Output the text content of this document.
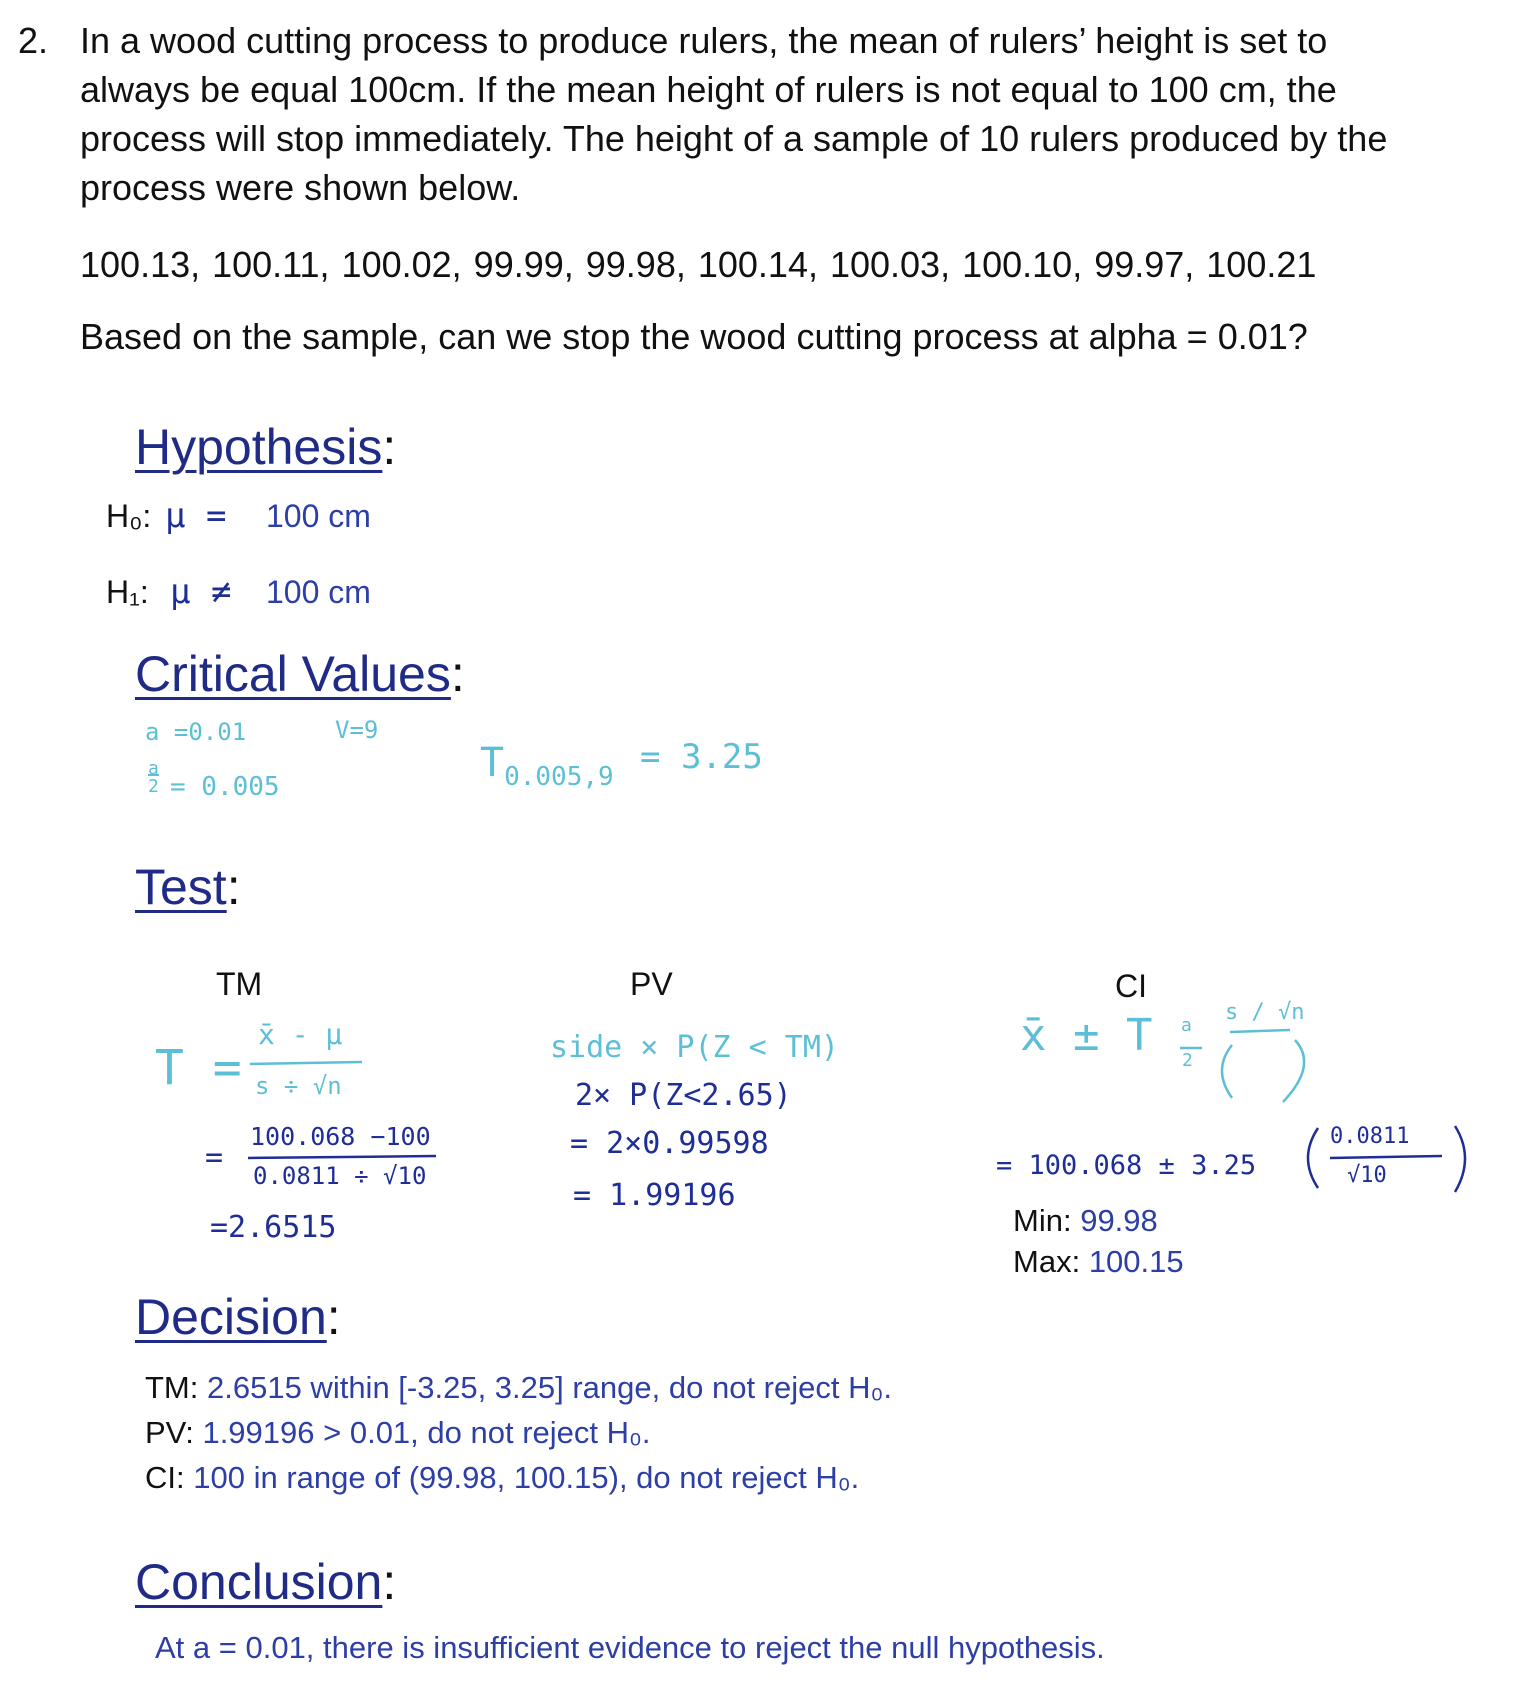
2. In a wood cutting process to produce rulers, the mean of rulers’ height is set to
always be equal 100cm. If the mean height of rulers is not equal to 100 cm, the
process will stop immediately. The height of a sample of 10 rulers produced by the
process were shown below.
100.13, 100.11, 100.02, 99.99, 99.98, 100.14, 100.03, 100.10, 99.97, 100.21
Based on the sample, can we stop the wood cutting process at alpha = 0.01?
Hypothesis:
H₀: μ = 100 cm
H₁: μ ≠ 100 cm
Critical Values:
a =0.01	V=9
a
2 = 0.005
$T_{0.005,9} = 3.25$
Test:
TM
T =
x̄ - μ
s ÷ √n
100.068 −100
=
0.0811 ÷ √10
=2.6515
PV
side × P(Z < TM)
2× P(Z<2.65)
= 2×0.99598
= 1.99196
CI
x̄ ± T	s / √n
= 100.068 ± 3.25
0.0811
√10
Min: 99.98
Max: 100.15
Decision:
TM: 2.6515 within [-3.25, 3.25] range, do not reject H₀.
PV: 1.99196 > 0.01, do not reject H₀.
CI: 100 in range of (99.98, 100.15), do not reject H₀.
Conclusion:
At a = 0.01, there is insufficient evidence to reject the null hypothesis.
a
2
